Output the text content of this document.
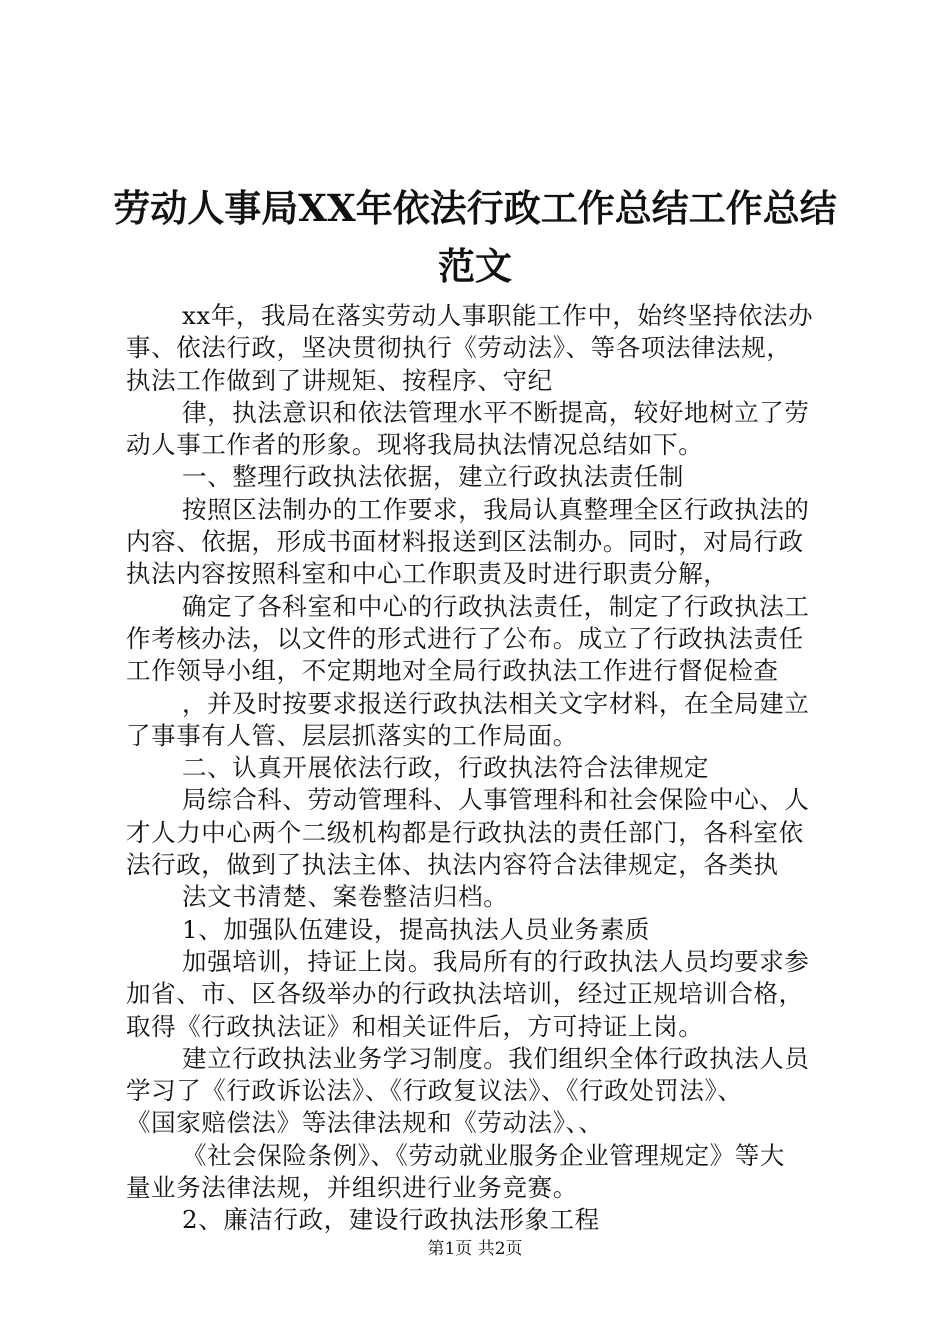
劳动人事局XX年依法行政工作总结工作总结
范文
xx年，我局在落实劳动人事职能工作中，始终坚持依法办
事、依法行政，坚决贯彻执行《劳动法》、等各项法律法规，
执法工作做到了讲规矩、按程序、守纪
律，执法意识和依法管理水平不断提高，较好地树立了劳
动人事工作者的形象。现将我局执法情况总结如下。
一、整理行政执法依据，建立行政执法责任制
按照区法制办的工作要求，我局认真整理全区行政执法的
内容、依据，形成书面材料报送到区法制办。同时，对局行政
执法内容按照科室和中心工作职责及时进行职责分解，
确定了各科室和中心的行政执法责任，制定了行政执法工
作考核办法，以文件的形式进行了公布。成立了行政执法责任
工作领导小组，不定期地对全局行政执法工作进行督促检查
，并及时按要求报送行政执法相关文字材料，在全局建立
了事事有人管、层层抓落实的工作局面。
二、认真开展依法行政，行政执法符合法律规定
局综合科、劳动管理科、人事管理科和社会保险中心、人
才人力中心两个二级机构都是行政执法的责任部门，各科室依
法行政，做到了执法主体、执法内容符合法律规定，各类执
法文书清楚、案卷整洁归档。
1、加强队伍建设，提高执法人员业务素质
加强培训，持证上岗。我局所有的行政执法人员均要求参
加省、市、区各级举办的行政执法培训，经过正规培训合格，
取得《行政执法证》和相关证件后，方可持证上岗。
建立行政执法业务学习制度。我们组织全体行政执法人员
学习了《行政诉讼法》、《行政复议法》、《行政处罚法》、
《国家赔偿法》等法律法规和《劳动法》、、
《社会保险条例》、《劳动就业服务企业管理规定》等大
量业务法律法规，并组织进行业务竞赛。
2、廉洁行政，建设行政执法形象工程
第1页 共2页
